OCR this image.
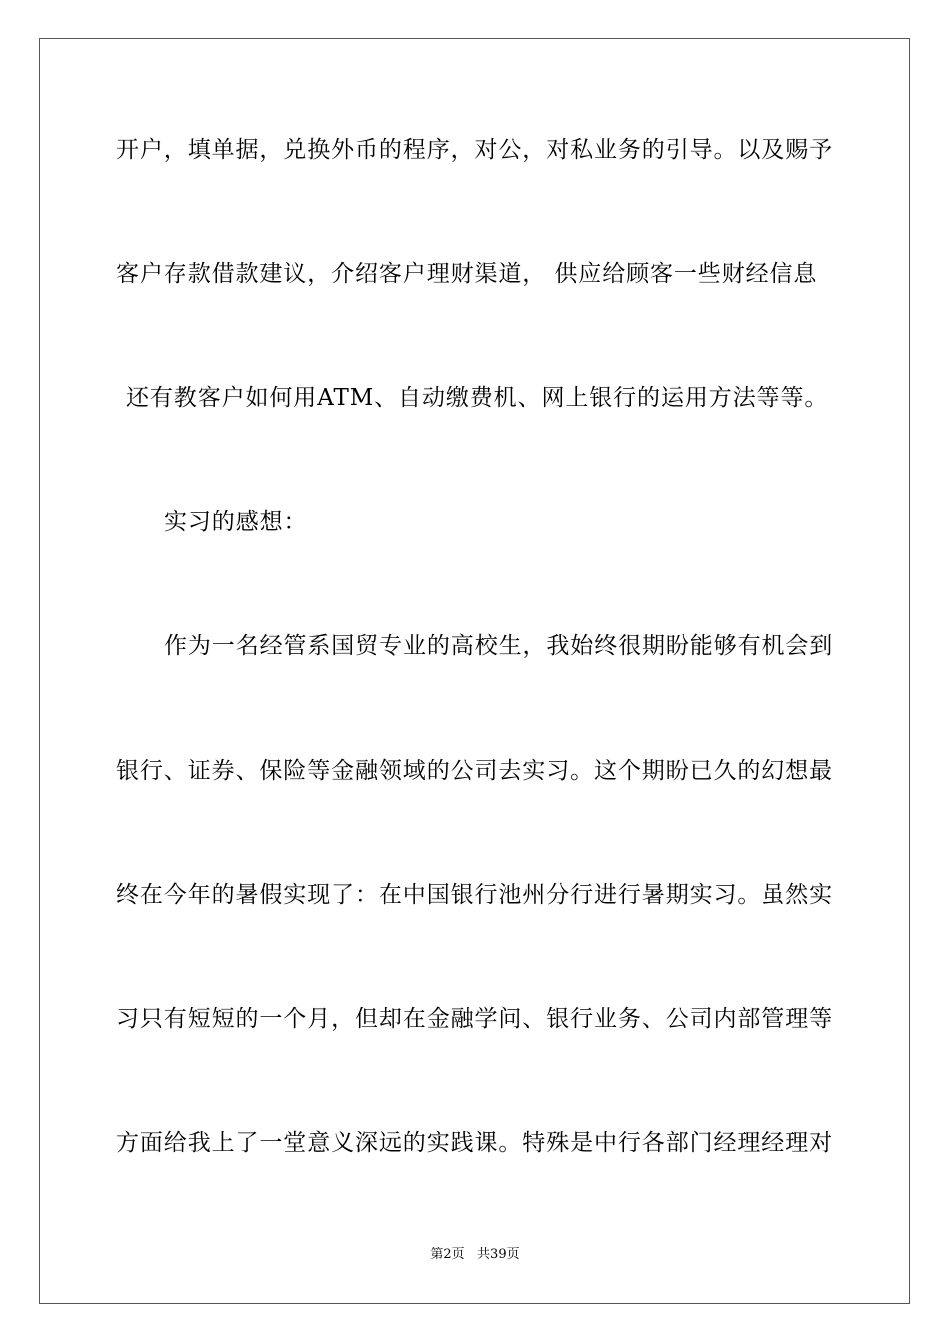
开户，填单据，兑换外币的程序，对公，对私业务的引导。以及赐予
客户存款借款建议，介绍客户理财渠道， 供应给顾客一些财经信息
还有教客户如何用ATM、自动缴费机、网上银行的运用方法等等。
实习的感想：
作为一名经管系国贸专业的高校生，我始终很期盼能够有机会到
银行、证券、保险等金融领域的公司去实习。这个期盼已久的幻想最
终在今年的暑假实现了：在中国银行池州分行进行暑期实习。虽然实
习只有短短的一个月，但却在金融学问、银行业务、公司内部管理等
方面给我上了一堂意义深远的实践课。特殊是中行各部门经理经理对
第2页   共39页
